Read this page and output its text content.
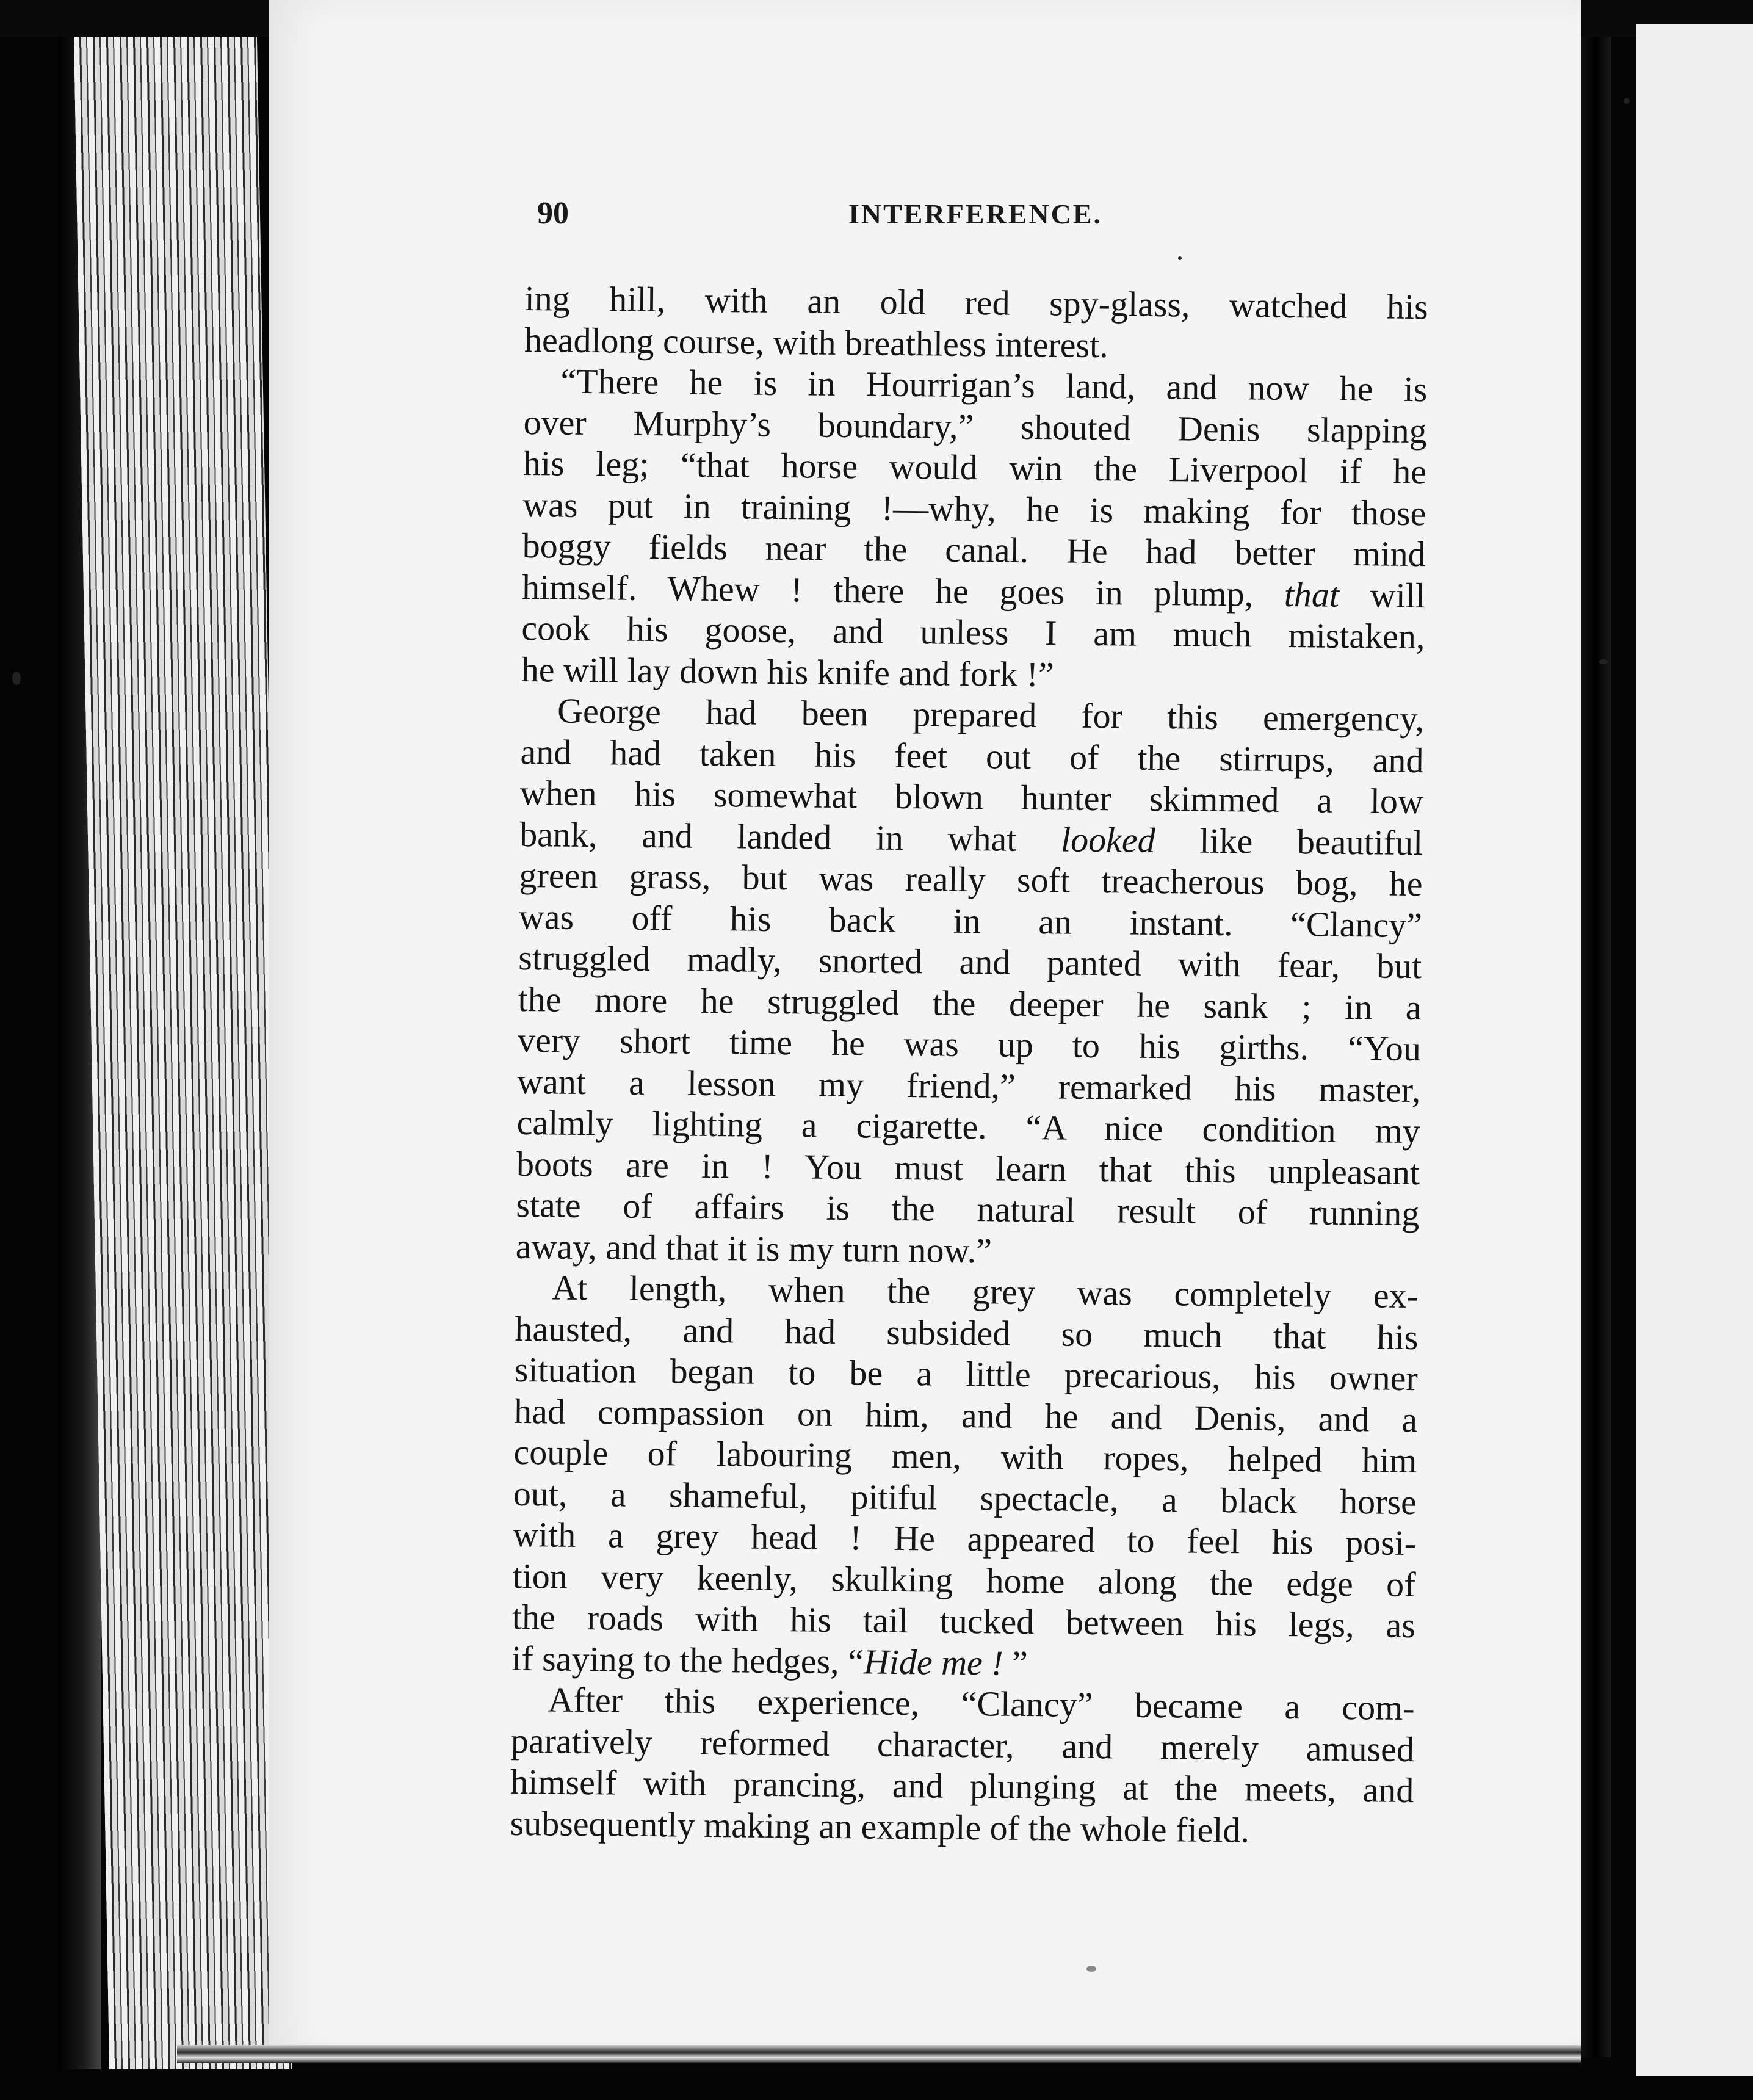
90	INTERFERENCE.
ing hill, with an old red spy-glass, watched his
headlong course, with breathless interest.
“There he is in Hourrigan’s land, and now he is
over Murphy’s boundary,” shouted Denis slapping
his leg; “that horse would win the Liverpool if he
was put in training !—why, he is making for those
boggy fields near the canal. He had better mind
himself. Whew ! there he goes in plump, that will
cook his goose, and unless I am much mistaken,
he will lay down his knife and fork !”
George had been prepared for this emergency,
and had taken his feet out of the stirrups, and
when his somewhat blown hunter skimmed a low
bank, and landed in what looked like beautiful
green grass, but was really soft treacherous bog, he
was off his back in an instant. “Clancy”
struggled madly, snorted and panted with fear, but
the more he struggled the deeper he sank ; in a
very short time he was up to his girths. “You
want a lesson my friend,” remarked his master,
calmly lighting a cigarette. “A nice condition my
boots are in ! You must learn that this unpleasant
state of affairs is the natural result of running
away, and that it is my turn now.”
At length, when the grey was completely ex-
hausted, and had subsided so much that his
situation began to be a little precarious, his owner
had compassion on him, and he and Denis, and a
couple of labouring men, with ropes, helped him
out, a shameful, pitiful spectacle, a black horse
with a grey head ! He appeared to feel his posi-
tion very keenly, skulking home along the edge of
the roads with his tail tucked between his legs, as
if saying to the hedges, “Hide me ! ”
After this experience, “Clancy” became a com-
paratively reformed character, and merely amused
himself with prancing, and plunging at the meets, and
subsequently making an example of the whole field.
